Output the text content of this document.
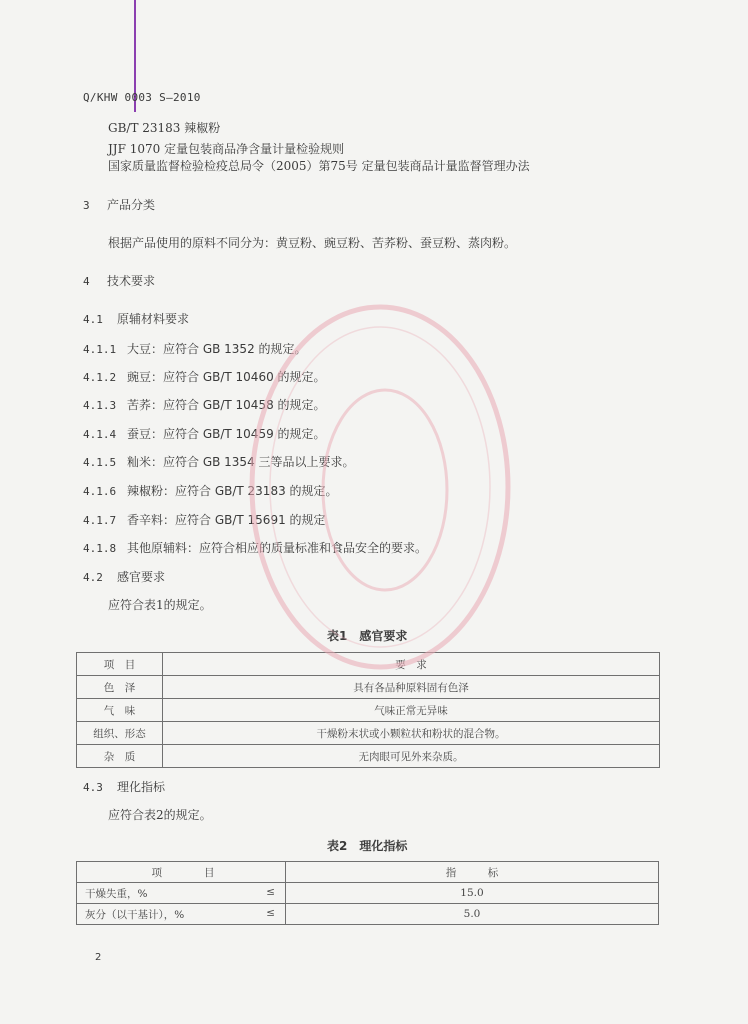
Q/KHW 0003 S—2010
GB/T 23183 辣椒粉
JJF 1070 定量包装商品净含量计量检验规则
国家质量监督检验检疫总局令（2005）第75号 定量包装商品计量监督管理办法
3 产品分类
根据产品使用的原料不同分为：黄豆粉、豌豆粉、苦荞粉、蚕豆粉、蒸肉粉。
4 技术要求
4.1 原辅材料要求
4.1.1 大豆：应符合 GB 1352 的规定。
4.1.2 豌豆：应符合 GB/T 10460 的规定。
4.1.3 苦荞：应符合 GB/T 10458 的规定。
4.1.4 蚕豆：应符合 GB/T 10459 的规定。
4.1.5 籼米：应符合 GB 1354 三等品以上要求。
4.1.6 辣椒粉：应符合 GB/T 23183 的规定。
4.1.7 香辛料：应符合 GB/T 15691 的规定
4.1.8 其他原辅料：应符合相应的质量标准和食品安全的要求。
4.2 感官要求
应符合表1的规定。
表1　感官要求
项　目	要　求
色　泽	具有各品种原料固有色泽
气　味	气味正常无异味
组织、形态	干燥粉末状或小颗粒状和粉状的混合物。
杂　质	无肉眼可见外来杂质。
4.3 理化指标
应符合表2的规定。
表2　理化指标
项　　　　目	指　　　标
干燥失重，% ≤	15.0
灰分（以干基计），% ≤	5.0
2
